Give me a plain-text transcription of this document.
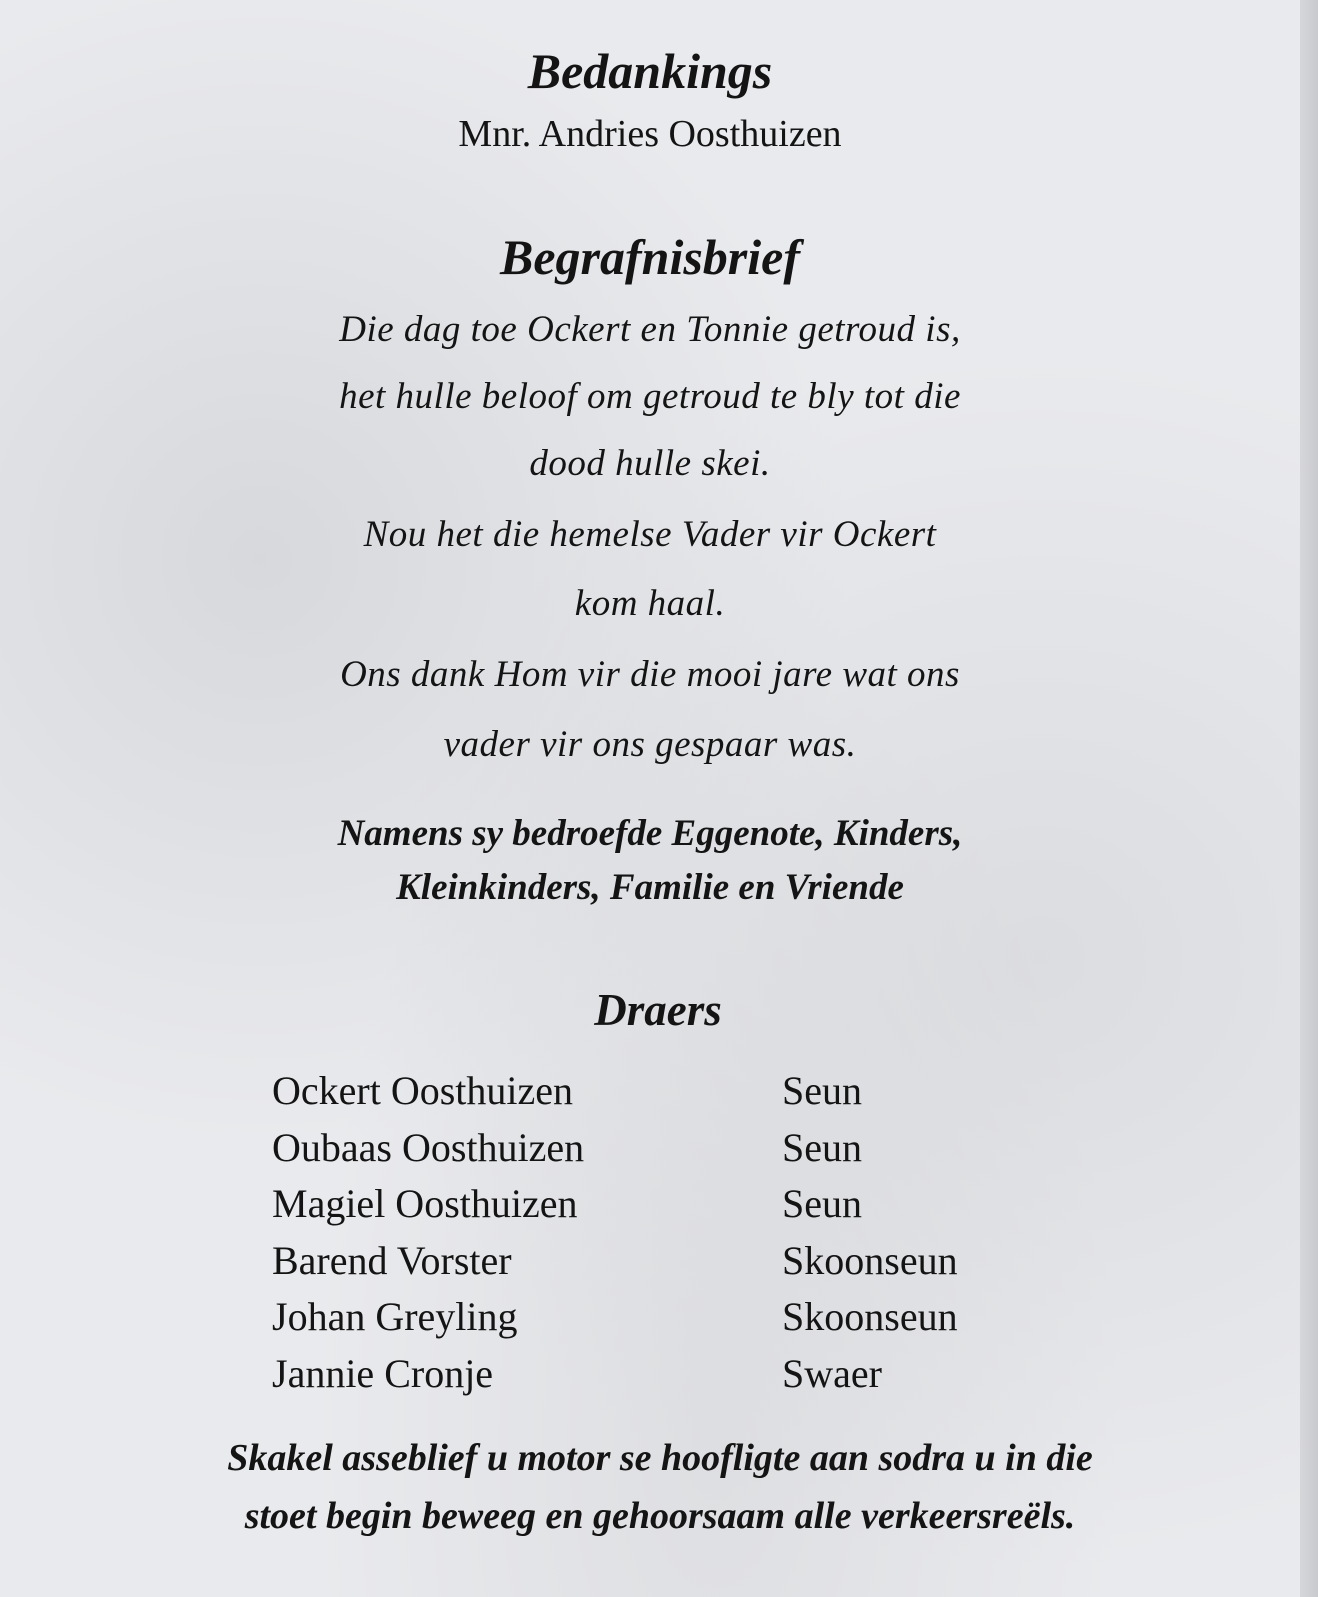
Bedankings
Mnr. Andries Oosthuizen
Begrafnisbrief
Die dag toe Ockert en Tonnie getroud is,
het hulle beloof om getroud te bly tot die
dood hulle skei.
Nou het die hemelse Vader vir Ockert
kom haal.
Ons dank Hom vir die mooi jare wat ons
vader vir ons gespaar was.
Namens sy bedroefde Eggenote, Kinders,
Kleinkinders, Familie en Vriende
Draers
Ockert Oosthuizen	Seun
Oubaas Oosthuizen	Seun
Magiel Oosthuizen	Seun
Barend Vorster	Skoonseun
Johan Greyling	Skoonseun
Jannie Cronje	Swaer
Skakel asseblief u motor se hoofligte aan sodra u in die
stoet begin beweeg en gehoorsaam alle verkeersreëls.
